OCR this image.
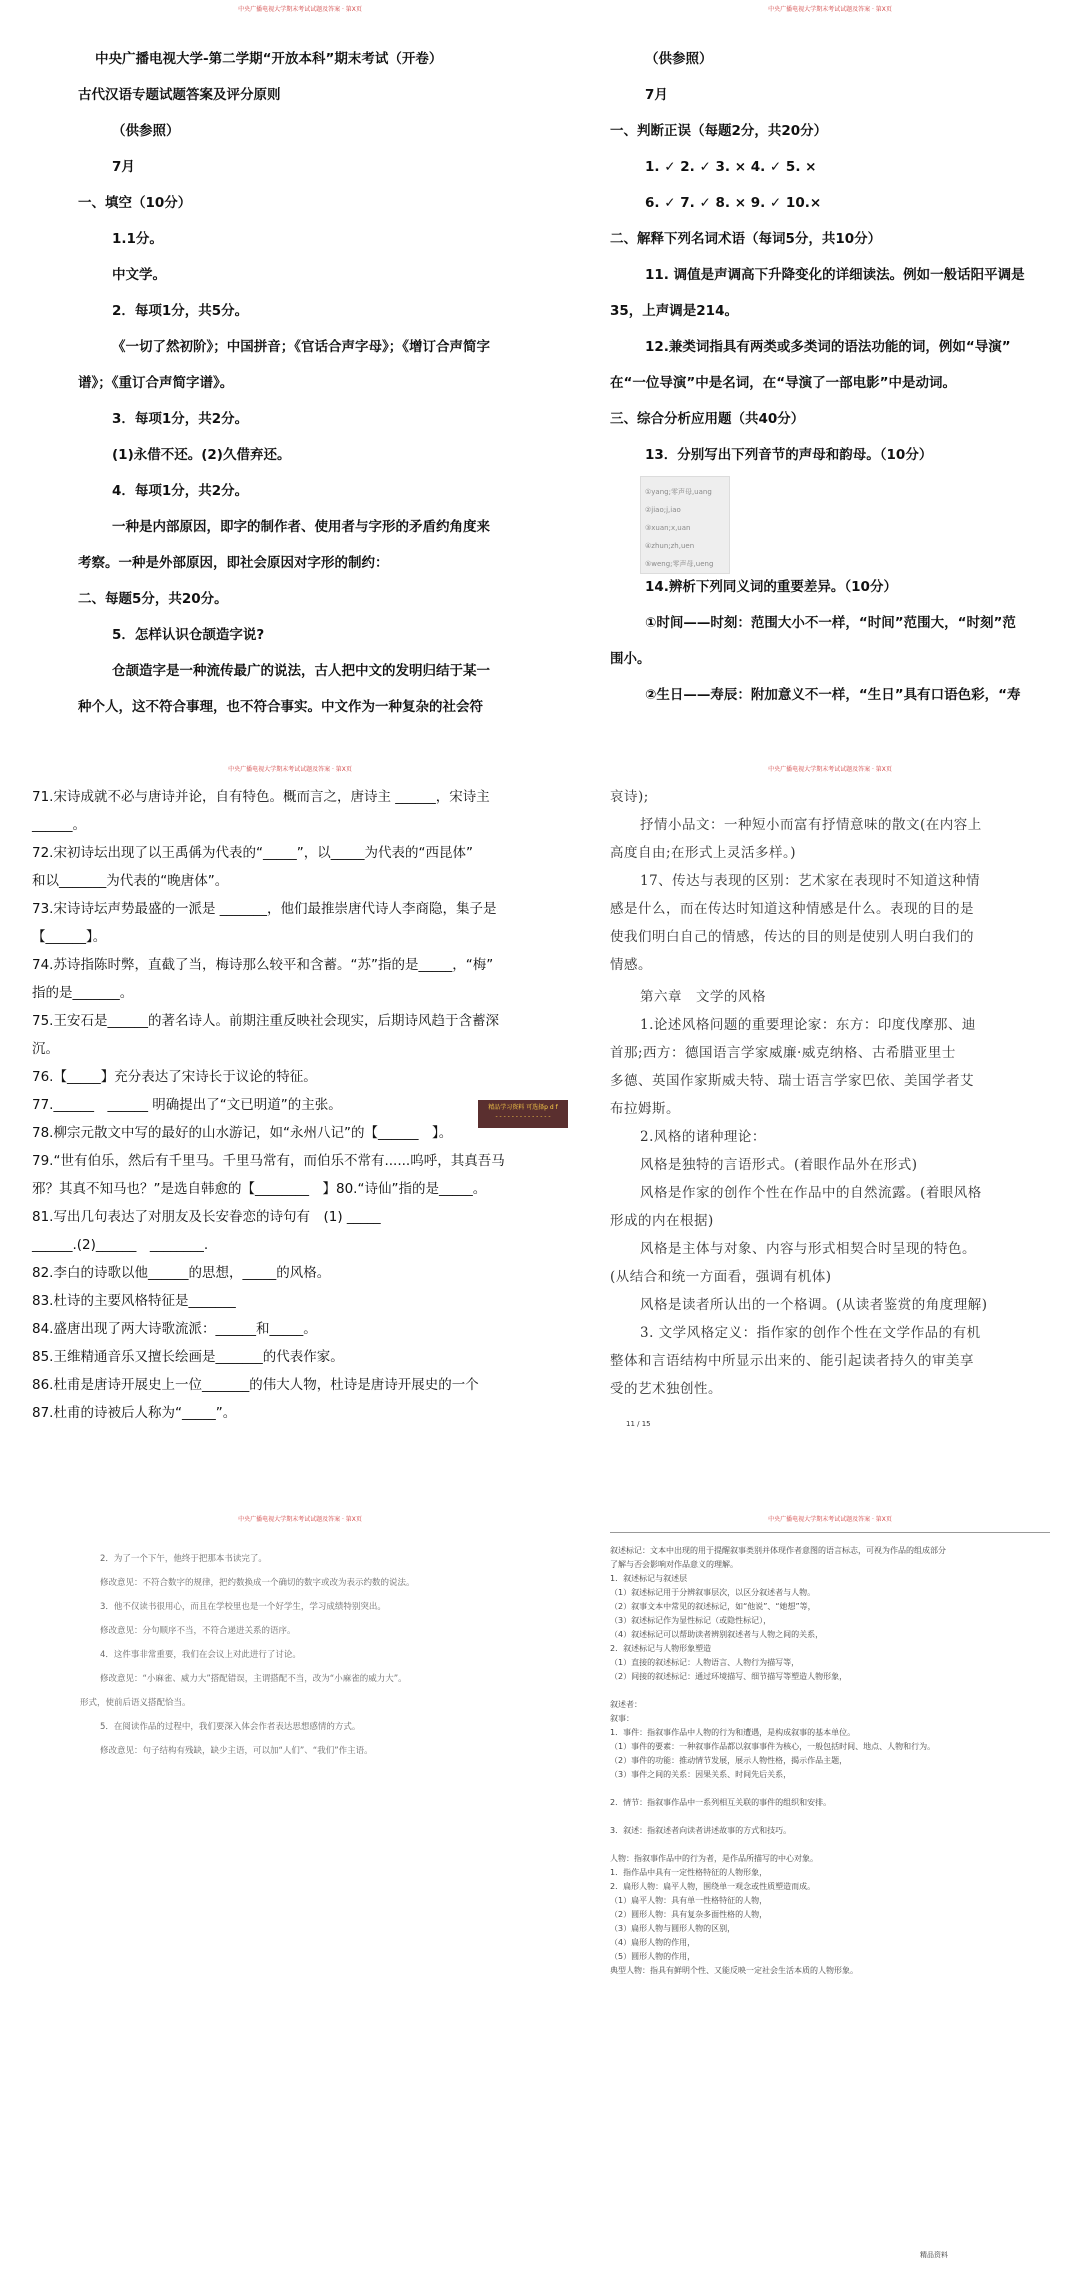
中央广播电视大学期末考试试题及答案 · 第X页
中央广播电视大学-第二学期“开放本科”期末考试（开卷）
古代汉语专题试题答案及评分原则
（供参照）
7月
一、填空（10分）
1.1分。
中文学。
2．每项1分，共5分。
《一切了然初阶》；中国拼音；《官话合声字母》；《增订合声简字
谱》；《重订合声简字谱》。
3．每项1分，共2分。
(1)永借不还。(2)久借弃还。
4．每项1分，共2分。
一种是内部原因，即字的制作者、使用者与字形的矛盾约角度来
考察。一种是外部原因，即社会原因对字形的制约：
二、每题5分，共20分。
5．怎样认识仓颉造字说?
仓颉造字是一种流传最广的说法，古人把中文的发明归结于某一
种个人，这不符合事理，也不符合事实。中文作为一种复杂的社会符
中央广播电视大学期末考试试题及答案 · 第X页
（供参照）
7月
一、判断正误（每题2分，共20分）
1. ✓ 2. ✓ 3. × 4. ✓ 5. ×
6. ✓ 7. ✓ 8. × 9. ✓ 10.×
二、解释下列名词术语（每词5分，共10分）
11. 调值是声调高下升降变化的详细读法。例如一般话阳平调是
35，上声调是214。
12.兼类词指具有两类或多类词的语法功能的词，例如“导演”
在“一位导演”中是名词，在“导演了一部电影”中是动词。
三、综合分析应用题（共40分）
13．分别写出下列音节的声母和韵母。（10分）
①yang;零声母,uang
②jiao;j,iao
③xuan;x,uan
④zhun;zh,uen
⑤weng;零声母,ueng
14.辨析下列同义词的重要差异。（10分）
①时间——时刻：范围大小不一样，“时间”范围大，“时刻”范
围小。
②生日——寿辰：附加意义不一样，“生日”具有口语色彩，“寿
中央广播电视大学期末考试试题及答案 · 第X页
71.宋诗成就不必与唐诗并论，自有特色。概而言之，唐诗主 ______，宋诗主
______。
72.宋初诗坛出现了以王禹偁为代表的“_____”，以_____为代表的“西昆体”
和以_______为代表的“晚唐体”。
73.宋诗诗坛声势最盛的一派是 _______，他们最推崇唐代诗人李商隐，集子是
【______】。
74.苏诗指陈时弊，直截了当，梅诗那么较平和含蓄。“苏”指的是_____，“梅”
指的是_______。
75.王安石是______的著名诗人。前期注重反映社会现实，后期诗风趋于含蓄深
沉。
76.【_____】充分表达了宋诗长于议论的特征。
77.______　______ 明确提出了“文已明道”的主张。
78.柳宗元散文中写的最好的山水游记，如“永州八记”的【______　】。
79.“世有伯乐，然后有千里马。千里马常有，而伯乐不常有......呜呼，其真吾马
邪？其真不知马也？”是选自韩愈的【________　】80.“诗仙”指的是_____。
81.写出几句表达了对朋友及长安眷恋的诗句有　(1) _____
______.(2)______　________.
82.李白的诗歌以他______的思想，_____的风格。
83.杜诗的主要风格特征是_______
84.盛唐出现了两大诗歌流派：______和_____。
85.王维精通音乐又擅长绘画是_______的代表作家。
86.杜甫是唐诗开展史上一位_______的伟大人物，杜诗是唐诗开展史的一个
87.杜甫的诗被后人称为“_____”。
精品学习资料 可选择p d f
- - - - - - - - - - - - - -
中央广播电视大学期末考试试题及答案 · 第X页
哀诗);
抒情小品文：一种短小而富有抒情意味的散文(在内容上
高度自由;在形式上灵活多样。)
17、传达与表现的区别：艺术家在表现时不知道这种情
感是什么，而在传达时知道这种情感是什么。表现的目的是
使我们明白自己的情感，传达的目的则是使别人明白我们的
情感。
第六章　文学的风格
1.论述风格问题的重要理论家：东方：印度伐摩那、迪
首那;西方：德国语言学家威廉·威克纳格、古希腊亚里士
多德、英国作家斯威夫特、瑞士语言学家巴依、美国学者艾
布拉姆斯。
2.风格的诸种理论：
风格是独特的言语形式。(着眼作品外在形式)
风格是作家的创作个性在作品中的自然流露。(着眼风格
形成的内在根据)
风格是主体与对象、内容与形式相契合时呈现的特色。
(从结合和统一方面看，强调有机体)
风格是读者所认出的一个格调。(从读者鉴赏的角度理解)
3. 文学风格定义：指作家的创作个性在文学作品的有机
整体和言语结构中所显示出来的、能引起读者持久的审美享
受的艺术独创性。
11 / 15
中央广播电视大学期末考试试题及答案 · 第X页
2．为了一个下午，他终于把那本书读完了。
修改意见：不符合数字的规律，把约数换成一个确切的数字或改为表示约数的说法。
3．他不仅读书很用心，而且在学校里也是一个好学生，学习成绩特别突出。
修改意见：分句顺序不当，不符合递进关系的语序。
4．这件事非常重要，我们在会议上对此进行了讨论。
修改意见：“小麻雀、威力大”搭配错误，主谓搭配不当，改为“小麻雀的威力大”。
形式，使前后语义搭配恰当。
5．在阅读作品的过程中，我们要深入体会作者表达思想感情的方式。
修改意见：句子结构有残缺，缺少主语，可以加“人们”、“我们”作主语。
中央广播电视大学期末考试试题及答案 · 第X页
叙述标记：文本中出现的用于提醒叙事类别并体现作者意图的语言标志，可视为作品的组成部分
了解与否会影响对作品意义的理解。
1．叙述标记与叙述层
（1）叙述标记用于分辨叙事层次，以区分叙述者与人物。
（2）叙事文本中常见的叙述标记，如“他说”、“她想”等，
（3）叙述标记作为显性标记（或隐性标记），
（4）叙述标记可以帮助读者辨别叙述者与人物之间的关系，
2．叙述标记与人物形象塑造
（1）直接的叙述标记：人物语言、人物行为描写等，
（2）间接的叙述标记：通过环境描写、细节描写等塑造人物形象，
叙述者：
叙事：
1．事件：指叙事作品中人物的行为和遭遇，是构成叙事的基本单位。
（1）事件的要素：一种叙事作品都以叙事事件为核心，一般包括时间、地点、人物和行为。
（2）事件的功能：推动情节发展，展示人物性格，揭示作品主题，
（3）事件之间的关系：因果关系、时间先后关系，
2．情节：指叙事作品中一系列相互关联的事件的组织和安排。
3．叙述：指叙述者向读者讲述故事的方式和技巧。
人物：指叙事作品中的行为者，是作品所描写的中心对象。
1．指作品中具有一定性格特征的人物形象，
2．扁形人物：扁平人物，围绕单一观念或性质塑造而成。
（1）扁平人物：具有单一性格特征的人物，
（2）圆形人物：具有复杂多面性格的人物，
（3）扁形人物与圆形人物的区别，
（4）扁形人物的作用，
（5）圆形人物的作用，
典型人物：指具有鲜明个性、又能反映一定社会生活本质的人物形象。
精品资料
